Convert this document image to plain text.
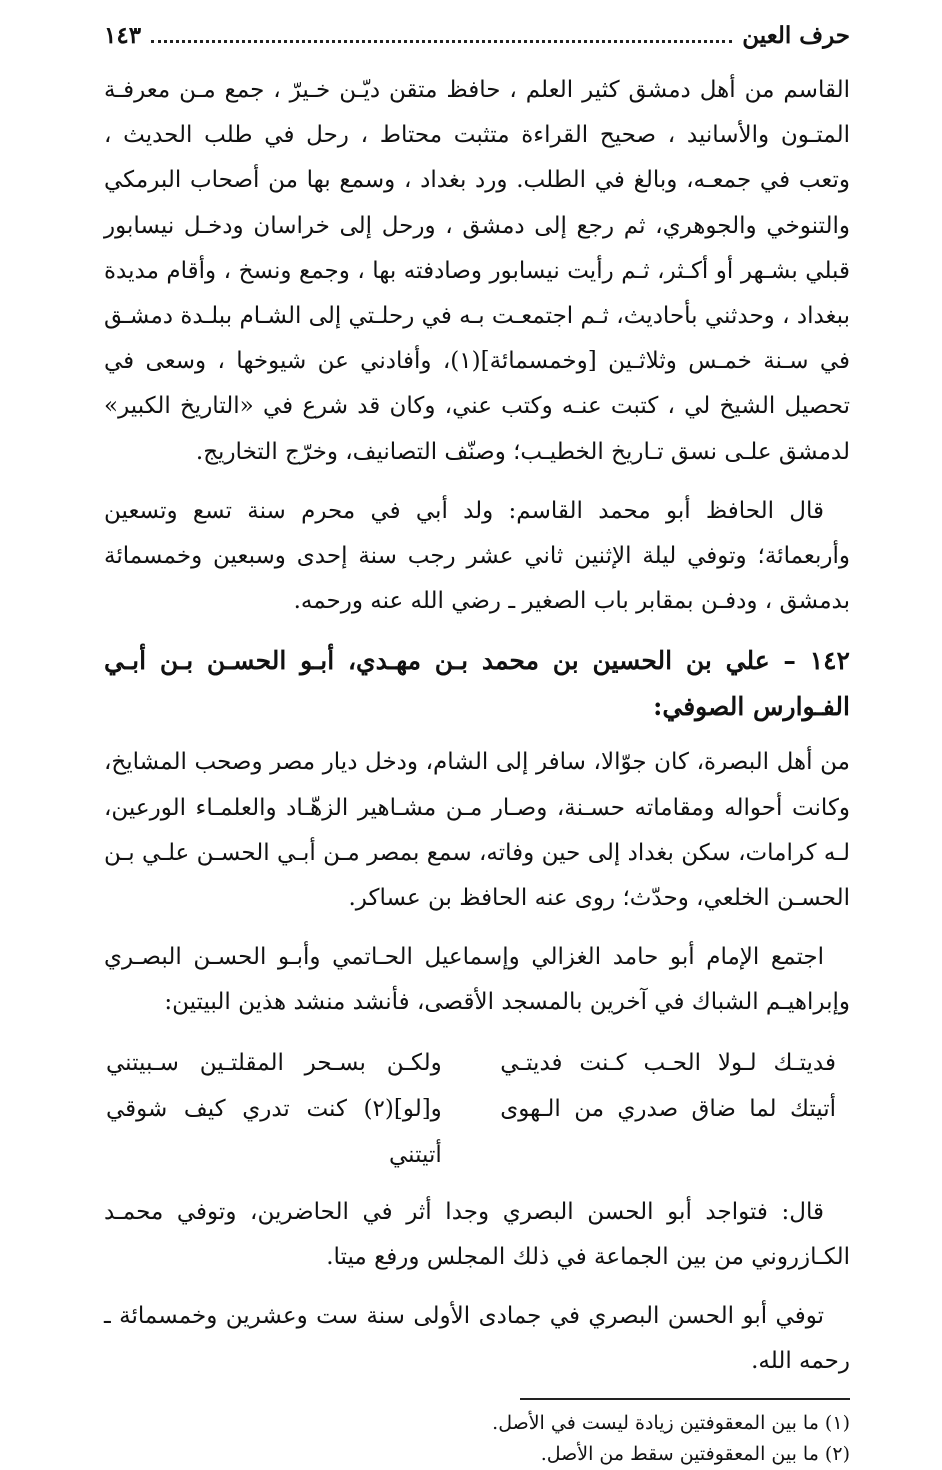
حرف العين
١٤٣

القاسم من أهل دمشق كثير العلم ، حافظ متقن ديّـن خـيرّ ، جمع مـن معرفـة المتـون والأسانيد ، صحيح القراءة متثبت محتاط ، رحل في طلب الحديث ، وتعب في جمعـه، وبالغ في الطلب. ورد بغداد ، وسمع بها من أصحاب البرمكي والتنوخي والجوهري، ثم رجع إلى دمشق ، ورحل إلى خراسان ودخـل نيسابور قبلي بشـهر أو أكـثر، ثـم رأيت نيسابور وصادفته بها ، وجمع ونسخ ، وأقام مديدة ببغداد ، وحدثني بأحاديث، ثـم اجتمعـت بـه في رحلـتي إلى الشـام ببلـدة دمشـق في سـنة خمـس وثلاثـين [وخمسمائة](١)، وأفادني عن شيوخها ، وسعى في تحصيل الشيخ لي ، كتبت عنـه وكتب عني، وكان قد شرع في «التاريخ الكبير» لدمشق علـى نسق تـاريخ الخطيـب؛ وصنّف التصانيف، وخرّج التخاريج.

قال الحافظ أبو محمد القاسم: ولد أبي في محرم سنة تسع وتسعين وأربعمائة؛ وتوفي ليلة الإثنين ثاني عشر رجب سنة إحدى وسبعين وخمسمائة بدمشق ، ودفـن بمقابر باب الصغير ـ رضي الله عنه ورحمه.

١٤٢ – علي بن الحسين بن محمد بـن مهـدي، أبـو الحسـن بـن أبـي الفـوارس الصوفي:

من أهل البصرة، كان جوّالا، سافر إلى الشام، ودخل ديار مصر وصحب المشايخ، وكانت أحواله ومقاماته حسـنة، وصـار مـن مشـاهير الزهّـاد والعلمـاء الورعين، لـه كرامات، سكن بغداد إلى حين وفاته، سمع بمصر مـن أبـي الحسـن علـي بـن الحسـن الخلعي، وحدّث؛ روى عنه الحافظ بن عساكر.

اجتمع الإمام أبو حامد الغزالي وإسماعيل الحـاتمي وأبـو الحسـن البصـري وإبراهيـم الشباك في آخرين بالمسجد الأقصى، فأنشد منشد هذين البيتين:

فديتـك لـولا الحـب كـنت فديتـي
ولكـن بسـحر المقلتـين سـبيتني
أتيتك لما ضاق صدري من الـهوى
و[لو](٢) كنت تدري كيف شوقي أتيتني

قال: فتواجد أبو الحسن البصري وجدا أثر في الحاضرين، وتوفي محمـد الكـازروني من بين الجماعة في ذلك المجلس ورفع ميتا.

توفي أبو الحسن البصري في جمادى الأولى سنة ست وعشرين وخمسمائة ـ رحمه الله.

(١) ما بين المعقوفتين زيادة ليست في الأصل.

(٢) ما بين المعقوفتين سقط من الأصل.
